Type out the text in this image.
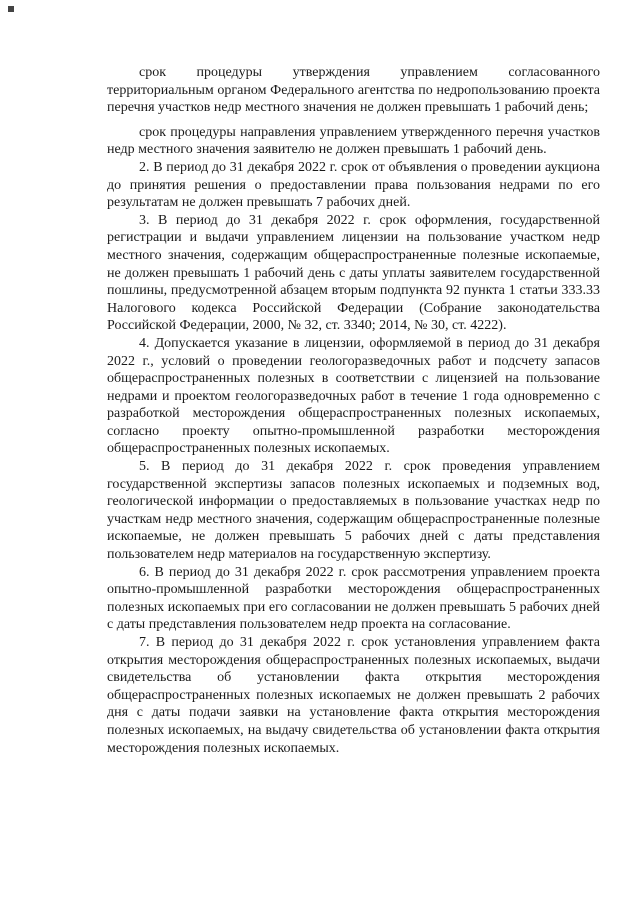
срок процедуры утверждения управлением согласованного территориальным органом Федерального агентства по недропользованию проекта перечня участков недр местного значения не должен превышать 1 рабочий день;

срок процедуры направления управлением утвержденного перечня участков недр местного значения заявителю не должен превышать 1 рабочий день.

2. В период до 31 декабря 2022 г. срок от объявления о проведении аукциона до принятия решения о предоставлении права пользования недрами по его результатам не должен превышать 7 рабочих дней.

3. В период до 31 декабря 2022 г. срок оформления, государственной регистрации и выдачи управлением лицензии на пользование участком недр местного значения, содержащим общераспространенные полезные ископаемые, не должен превышать 1 рабочий день с даты уплаты заявителем государственной пошлины, предусмотренной абзацем вторым подпункта 92 пункта 1 статьи 333.33 Налогового кодекса Российской Федерации (Собрание законодательства Российской Федерации, 2000, № 32, ст. 3340; 2014, № 30, ст. 4222).

4. Допускается указание в лицензии, оформляемой в период до 31 декабря 2022 г., условий о проведении геологоразведочных работ и подсчету запасов общераспространенных полезных в соответствии с лицензией на пользование недрами и проектом геологоразведочных работ в течение 1 года одновременно с разработкой месторождения общераспространенных полезных ископаемых, согласно проекту опытно-промышленной разработки месторождения общераспространенных полезных ископаемых.

5. В период до 31 декабря 2022 г. срок проведения управлением государственной экспертизы запасов полезных ископаемых и подземных вод, геологической информации о предоставляемых в пользование участках недр по участкам недр местного значения, содержащим общераспространенные полезные ископаемые, не должен превышать 5 рабочих дней с даты представления пользователем недр материалов на государственную экспертизу.

6. В период до 31 декабря 2022 г. срок рассмотрения управлением проекта опытно-промышленной разработки месторождения общераспространенных полезных ископаемых при его согласовании не должен превышать 5 рабочих дней с даты представления пользователем недр проекта на согласование.

7. В период до 31 декабря 2022 г. срок установления управлением факта открытия месторождения общераспространенных полезных ископаемых, выдачи свидетельства об установлении факта открытия месторождения общераспространенных полезных ископаемых не должен превышать 2 рабочих дня с даты подачи заявки на установление факта открытия месторождения полезных ископаемых, на выдачу свидетельства об установлении факта открытия месторождения полезных ископаемых.
